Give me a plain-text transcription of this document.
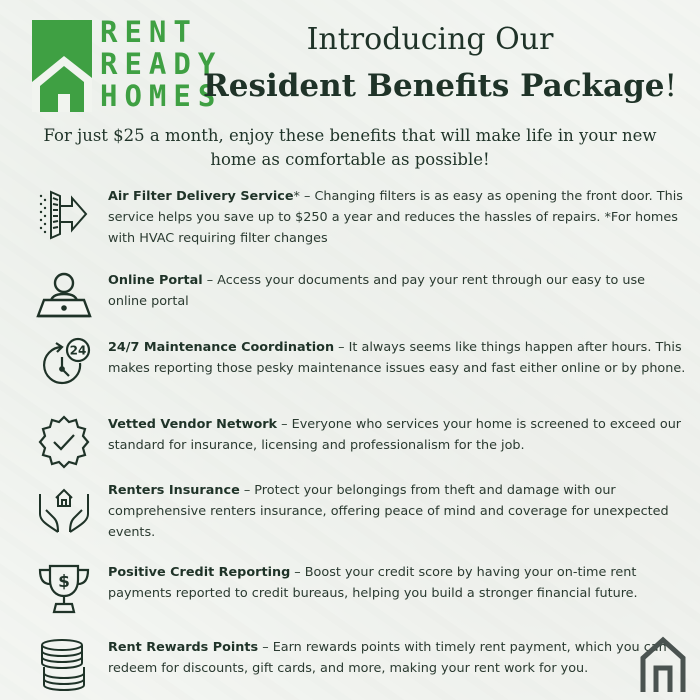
RENT
READY
HOMES
Introducing Our
Resident Benefits Package!
For just $25 a month, enjoy these benefits that will make life in your new home as comfortable as possible!
Air Filter Delivery Service* – Changing filters is as easy as opening the front door. This service helps you save up to $250 a year and reduces the hassles of repairs. *For homes with HVAC requiring filter changes
Online Portal – Access your documents and pay your rent through our easy to use online portal
24 24/7 Maintenance Coordination – It always seems like things happen after hours. This makes reporting those pesky maintenance issues easy and fast either online or by phone.
Vetted Vendor Network – Everyone who services your home is screened to exceed our standard for insurance, licensing and professionalism for the job.
Renters Insurance – Protect your belongings from theft and damage with our comprehensive renters insurance, offering peace of mind and coverage for unexpected events.
$	Positive Credit Reporting – Boost your credit score by having your on-time rent payments reported to credit bureaus, helping you build a stronger financial future.
Rent Rewards Points – Earn rewards points with timely rent payment, which you can redeem for discounts, gift cards, and more, making your rent work for you.
